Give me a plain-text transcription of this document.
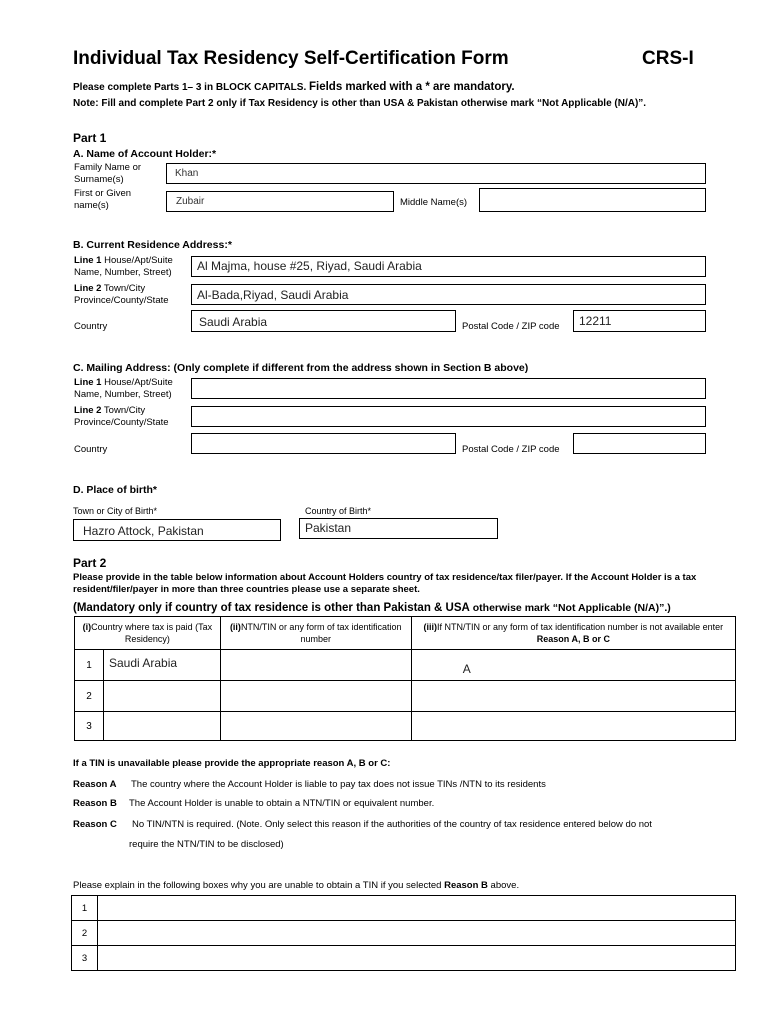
Individual Tax Residency Self-Certification Form	CRS-I
Please complete Parts 1– 3 in BLOCK CAPITALS. Fields marked with a * are mandatory.
Note: Fill and complete Part 2 only if Tax Residency is other than USA & Pakistan otherwise mark “Not Applicable (N/A)”.
Part 1
A. Name of Account Holder:*
Family Name or Surname(s)
Khan
First or Given name(s)	Zubair	Middle Name(s)
B. Current Residence Address:*
Line 1 House/Apt/Suite Name, Number, Street)	Al Majma, house #25, Riyad, Saudi Arabia
Line 2 Town/City Province/County/State	Al-Bada,Riyad, Saudi Arabia
Country	Saudi Arabia	Postal Code / ZIP code 12211
C. Mailing Address: (Only complete if different from the address shown in Section B above)
Line 1 House/Apt/Suite Name, Number, Street)
Line 2 Town/City Province/County/State
Country	Postal Code / ZIP code
D. Place of birth*
Town or City of Birth*
Hazro Attock, Pakistan
Country of Birth*
Pakistan
Part 2
Please provide in the table below information about Account Holders country of tax residence/tax filer/payer. If the Account Holder is a tax resident/filer/payer in more than three countries please use a separate sheet.
(Mandatory only if country of tax residence is other than Pakistan & USA otherwise mark “Not Applicable (N/A)”.)
(i)Country where tax is paid (Tax Residency)		(ii)NTN/TIN or any form of tax identification number	(iii)If NTN/TIN or any form of tax identification number is not available enter Reason A, B or C
1	Saudi Arabia		A
2			
3			
If a TIN is unavailable please provide the appropriate reason A, B or C:
Reason A The country where the Account Holder is liable to pay tax does not issue TINs /NTN to its residents
Reason B The Account Holder is unable to obtain a NTN/TIN or equivalent number.
Reason C No TIN/NTN is required. (Note. Only select this reason if the authorities of the country of tax residence entered below do not
require the NTN/TIN to be disclosed)
Please explain in the following boxes why you are unable to obtain a TIN if you selected Reason B above.
1	
2	
3	
